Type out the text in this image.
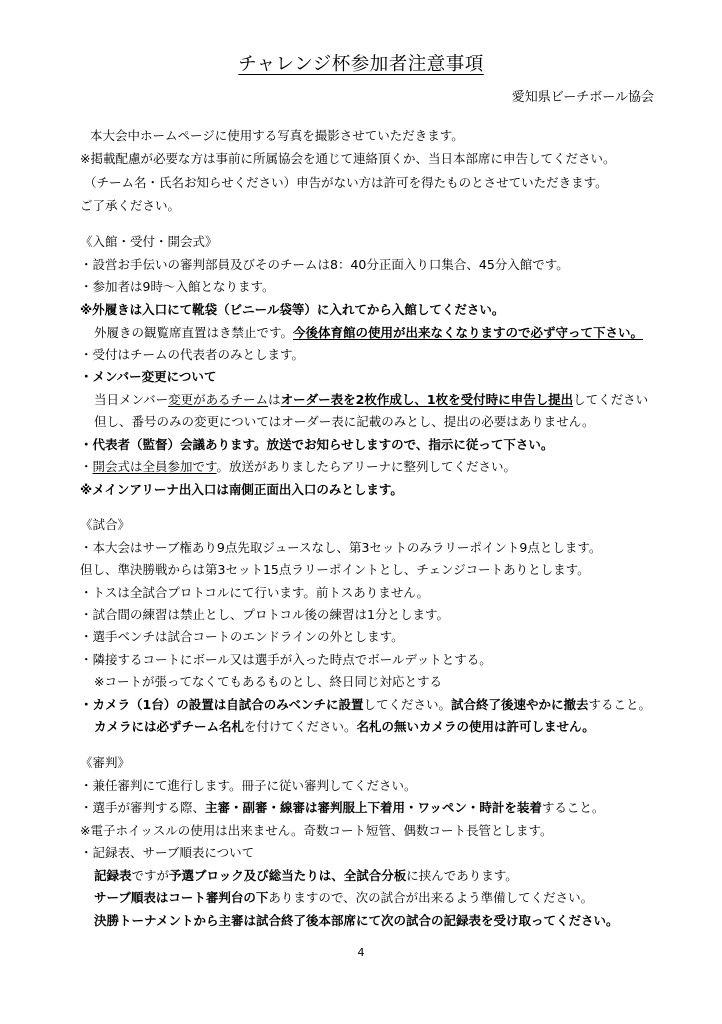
チャレンジ杯参加者注意事項
愛知県ビーチボール協会
本大会中ホームページに使用する写真を撮影させていただきます。
※掲載配慮が必要な方は事前に所属協会を通じて連絡頂くか、当日本部席に申告してください。
（チーム名・氏名お知らせください）申告がない方は許可を得たものとさせていただきます。
ご了承ください。
《入館・受付・開会式》
・設営お手伝いの審判部員及びそのチームは8：40分正面入り口集合、45分入館です。
・参加者は9時～入館となります。
※外履きは入口にて靴袋（ビニール袋等）に入れてから入館してください。
外履きの観覧席直置はき禁止です。今後体育館の使用が出来なくなりますので必ず守って下さい。
・受付はチームの代表者のみとします。
・メンバー変更について
当日メンバー変更があるチームはオーダー表を2枚作成し、1枚を受付時に申告し提出してください
但し、番号のみの変更についてはオーダー表に記載のみとし、提出の必要はありません。
・代表者（監督）会議あります。放送でお知らせしますので、指示に従って下さい。
・開会式は全員参加です。放送がありましたらアリーナに整列してください。
※メインアリーナ出入口は南側正面出入口のみとします。
《試合》
・本大会はサーブ権あり9点先取ジュースなし、第3セットのみラリーポイント9点とします。
但し、準決勝戦からは第3セット15点ラリーポイントとし、チェンジコートありとします。
・トスは全試合プロトコルにて行います。前トスありません。
・試合間の練習は禁止とし、プロトコル後の練習は1分とします。
・選手ベンチは試合コートのエンドラインの外とします。
・隣接するコートにボール又は選手が入った時点でボールデットとする。
※コートが張ってなくてもあるものとし、終日同じ対応とする
・カメラ（1台）の設置は自試合のみベンチに設置してください。試合終了後速やかに撤去すること。
カメラには必ずチーム名札を付けてください。名札の無いカメラの使用は許可しません。
《審判》
・兼任審判にて進行します。冊子に従い審判してください。
・選手が審判する際、主審・副審・線審は審判服上下着用・ワッペン・時計を装着すること。
※電子ホイッスルの使用は出来ません。奇数コート短管、偶数コート長管とします。
・記録表、サーブ順表について
記録表ですが予選ブロック及び総当たりは、全試合分板に挟んであります。
サーブ順表はコート審判台の下ありますので、次の試合が出来るよう準備してください。
決勝トーナメントから主審は試合終了後本部席にて次の試合の記録表を受け取ってください。
4
